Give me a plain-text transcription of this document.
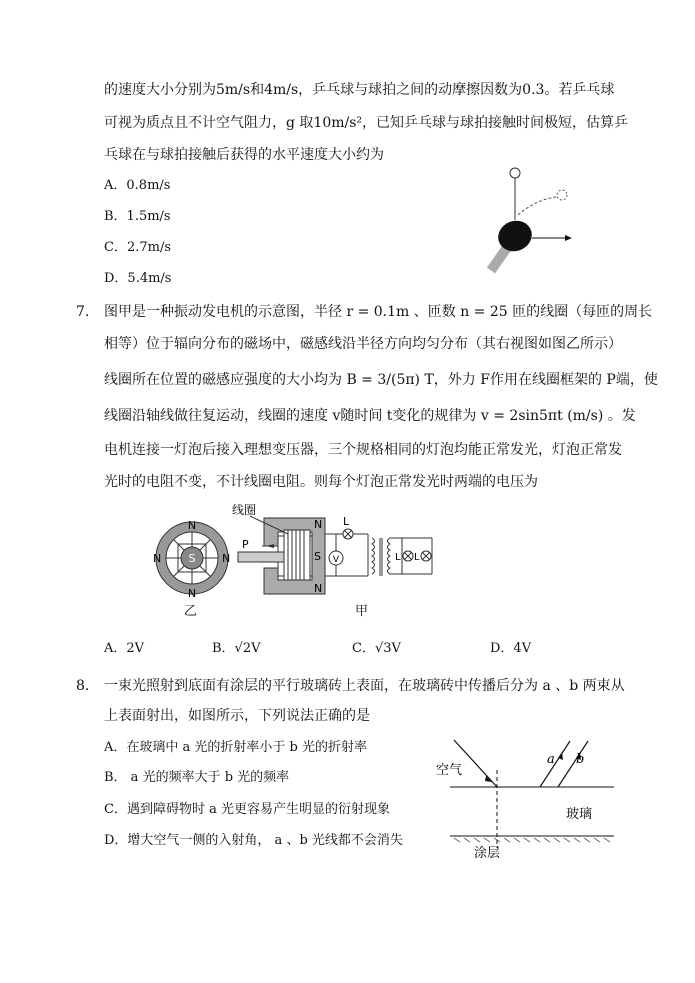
的速度大小分别为5m/s和4m/s，乒乓球与球拍之间的动摩擦因数为0.3。若乒乓球
可视为质点且不计空气阻力，g 取10m/s²，已知乒乓球与球拍接触时间极短，估算乒
乓球在与球拍接触后获得的水平速度大小约为
A．0.8m/s
B．1.5m/s
C．2.7m/s
D．5.4m/s
7. 图甲是一种振动发电机的示意图，半径 r = 0.1m 、匝数 n = 25 匝的线圈（每匝的周长
相等）位于辐向分布的磁场中，磁感线沿半径方向均匀分布（其右视图如图乙所示）
线圈所在位置的磁感应强度的大小均为 B = 3/(5π) T，外力 F作用在线圈框架的 P端，使
线圈沿轴线做往复运动，线圈的速度 v随时间 t变化的规律为 v = 2sin5πt (m/s) 。发
电机连接一灯泡后接入理想变压器，三个规格相同的灯泡均能正常发光，灯泡正常发
光时的电阻不变，不计线圈电阻。则每个灯泡正常发光时两端的电压为
S
N
N
N	N
P
N
N
S
线圈
V
L
L L
乙	甲
A．2V	B．√2V	C．√3V	D．4V
8. 一束光照射到底面有涂层的平行玻璃砖上表面，在玻璃砖中传播后分为 a 、b 两束从
上表面射出，如图所示，下列说法正确的是
A．在玻璃中 a 光的折射率小于 b 光的折射率
B． a 光的频率大于 b 光的频率
C．遇到障碍物时 a 光更容易产生明显的衍射现象
D．增大空气一侧的入射角， a 、b 光线都不会消失
a b
空气
玻璃
涂层
